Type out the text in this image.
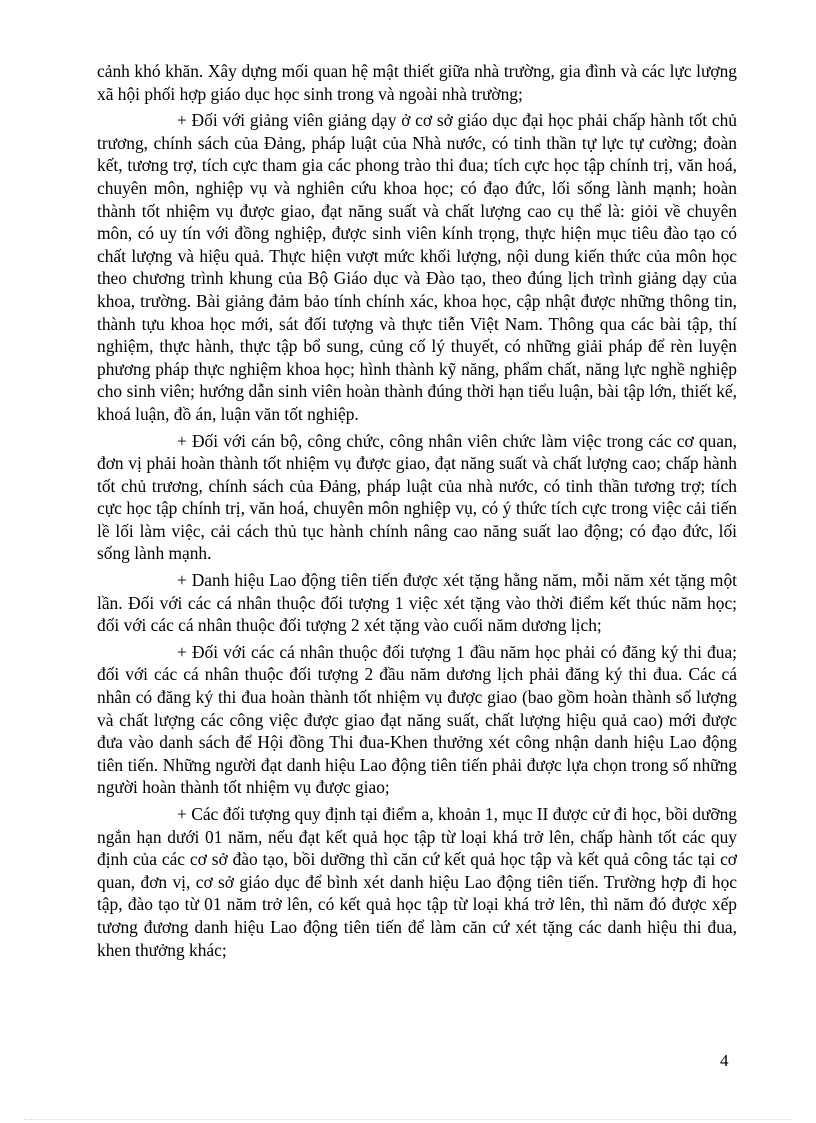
cảnh khó khăn. Xây dựng mối quan hệ mật thiết giữa nhà trường, gia đình và các lực lượng xã hội phối hợp giáo dục học sinh trong và ngoài nhà trường;

+ Đối với giảng viên giảng dạy ở cơ sở giáo dục đại học phải chấp hành tốt chủ trương, chính sách của Đảng, pháp luật của Nhà nước, có tinh thần tự lực tự cường; đoàn kết, tương trợ, tích cực tham gia các phong trào thi đua; tích cực học tập chính trị, văn hoá, chuyên môn, nghiệp vụ và nghiên cứu khoa học; có đạo đức, lối sống lành mạnh; hoàn thành tốt nhiệm vụ được giao, đạt năng suất và chất lượng cao cụ thể là: giỏi về chuyên môn, có uy tín với đồng nghiệp, được sinh viên kính trọng, thực hiện mục tiêu đào tạo có chất lượng và hiệu quả. Thực hiện vượt mức khối lượng, nội dung kiến thức của môn học theo chương trình khung của Bộ Giáo dục và Đào tạo, theo đúng lịch trình giảng dạy của khoa, trường. Bài giảng đảm bảo tính chính xác, khoa học, cập nhật được những thông tin, thành tựu khoa học mới, sát đối tượng và thực tiễn Việt Nam. Thông qua các bài tập, thí nghiệm, thực hành, thực tập bổ sung, củng cố lý thuyết, có những giải pháp để rèn luyện phương pháp thực nghiệm khoa học; hình thành kỹ năng, phẩm chất, năng lực nghề nghiệp cho sinh viên; hướng dẫn sinh viên hoàn thành đúng thời hạn tiểu luận, bài tập lớn, thiết kế, khoá luận, đồ án, luận văn tốt nghiệp.

+ Đối với cán bộ, công chức, công nhân viên chức làm việc trong các cơ quan, đơn vị phải hoàn thành tốt nhiệm vụ được giao, đạt năng suất và chất lượng cao; chấp hành tốt chủ trương, chính sách của Đảng, pháp luật của nhà nước, có tinh thần tương trợ; tích cực học tập chính trị, văn hoá, chuyên môn nghiệp vụ, có ý thức tích cực trong việc cải tiến lề lối làm việc, cải cách thủ tục hành chính nâng cao năng suất lao động; có đạo đức, lối sống lành mạnh.

+ Danh hiệu Lao động tiên tiến được xét tặng hằng năm, mỗi năm xét tặng một lần. Đối với các cá nhân thuộc đối tượng 1 việc xét tặng vào thời điểm kết thúc năm học; đối với các cá nhân thuộc đối tượng 2 xét tặng vào cuối năm dương lịch;

+ Đối với các cá nhân thuộc đối tượng 1 đầu năm học phải có đăng ký thi đua; đối với các cá nhân thuộc đối tượng 2 đầu năm dương lịch phải đăng ký thi đua. Các cá nhân có đăng ký thi đua hoàn thành tốt nhiệm vụ được giao (bao gồm hoàn thành số lượng và chất lượng các công việc được giao đạt năng suất, chất lượng hiệu quả cao) mới được đưa vào danh sách để Hội đồng Thi đua-Khen thưởng xét công nhận danh hiệu Lao động tiên tiến. Những người đạt danh hiệu Lao động tiên tiến phải được lựa chọn trong số những người hoàn thành tốt nhiệm vụ được giao;

+ Các đối tượng quy định tại điểm a, khoản 1, mục II được cử đi học, bồi dưỡng ngắn hạn dưới 01 năm, nếu đạt kết quả học tập từ loại khá trở lên, chấp hành tốt các quy định của các cơ sở đào tạo, bồi dưỡng thì căn cứ kết quả học tập và kết quả công tác tại cơ quan, đơn vị, cơ sở giáo dục để bình xét danh hiệu Lao động tiên tiến. Trường hợp đi học tập, đào tạo từ 01 năm trở lên, có kết quả học tập từ loại khá trở lên, thì năm đó được xếp tương đương danh hiệu Lao động tiên tiến để làm căn cứ xét tặng các danh hiệu thi đua, khen thưởng khác;

4
